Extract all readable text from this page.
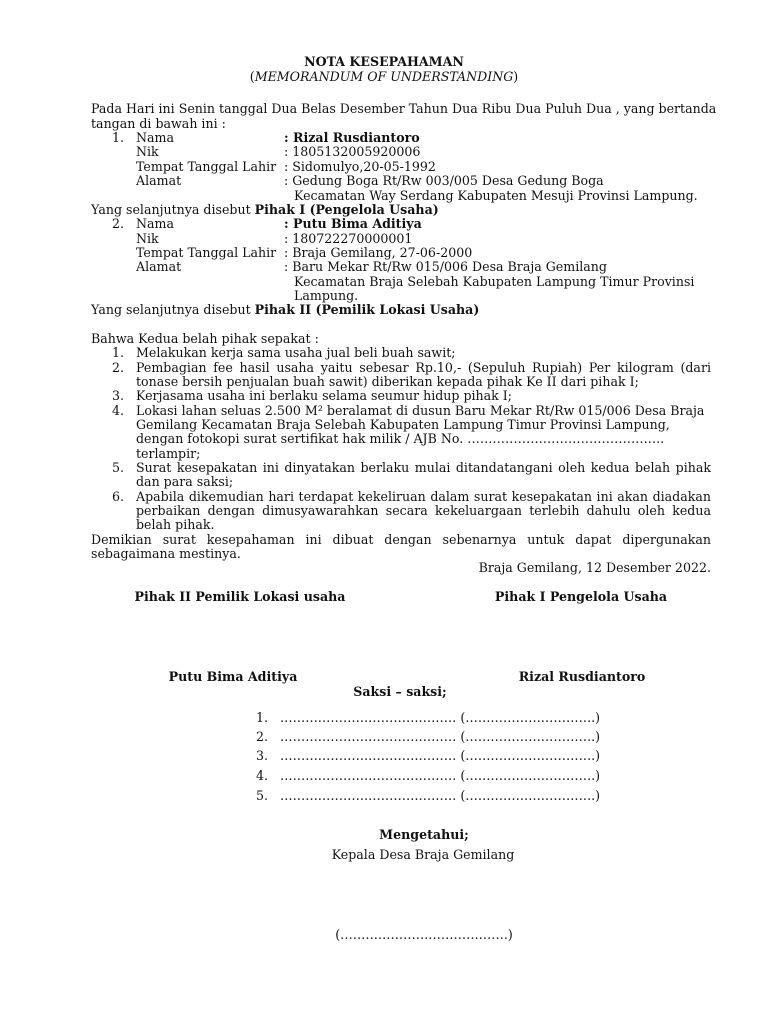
NOTA KESEPAHAMAN
(MEMORANDUM OF UNDERSTANDING)
Pada Hari ini Senin tanggal Dua Belas Desember Tahun Dua Ribu Dua Puluh Dua , yang bertanda
tangan di bawah ini :
1. Nama	: Rizal Rusdiantoro
Nik	: 1805132005920006
Tempat Tanggal Lahir : Sidomulyo,20-05-1992
Alamat	: Gedung Boga Rt/Rw 003/005 Desa Gedung Boga
Kecamatan Way Serdang Kabupaten Mesuji Provinsi Lampung.
Yang selanjutnya disebut Pihak I (Pengelola Usaha)
2. Nama	: Putu Bima Aditiya
Nik	: 180722270000001
Tempat Tanggal Lahir : Braja Gemilang, 27-06-2000
Alamat	: Baru Mekar Rt/Rw 015/006 Desa Braja Gemilang
Kecamatan Braja Selebah Kabupaten Lampung Timur Provinsi
Lampung.
Yang selanjutnya disebut Pihak II (Pemilik Lokasi Usaha)
Bahwa Kedua belah pihak sepakat :
1. Melakukan kerja sama usaha jual beli buah sawit;
2. Pembagian fee hasil usaha yaitu sebesar Rp.10,- (Sepuluh Rupiah) Per kilogram (dari
tonase bersih penjualan buah sawit) diberikan kepada pihak Ke II dari pihak I;
3. Kerjasama usaha ini berlaku selama seumur hidup pihak I;
4. Lokasi lahan seluas 2.500 M² beralamat di dusun Baru Mekar Rt/Rw 015/006 Desa Braja
Gemilang Kecamatan Braja Selebah Kabupaten Lampung Timur Provinsi Lampung,
dengan fotokopi surat sertifikat hak milik / AJB No. ………………………………………..
terlampir;
5. Surat kesepakatan ini dinyatakan berlaku mulai ditandatangani oleh kedua belah pihak
dan para saksi;
6. Apabila dikemudian hari terdapat kekeliruan dalam surat kesepakatan ini akan diadakan
perbaikan dengan dimusyawarahkan secara kekeluargaan terlebih dahulu oleh kedua
belah pihak.
Demikian surat kesepahaman ini dibuat dengan sebenarnya untuk dapat dipergunakan
sebagaimana mestinya.
Braja Gemilang, 12 Desember 2022.
Pihak II Pemilik Lokasi usaha	Pihak I Pengelola Usaha
Putu Bima Aditiya	Rizal Rusdiantoro
Saksi – saksi;
1. …………………………………… (………………………….)
2. …………………………………… (………………………….)
3. …………………………………… (………………………….)
4. …………………………………… (………………………….)
5. …………………………………… (………………………….)
Mengetahui;
Kepala Desa Braja Gemilang
(………………………………….)
